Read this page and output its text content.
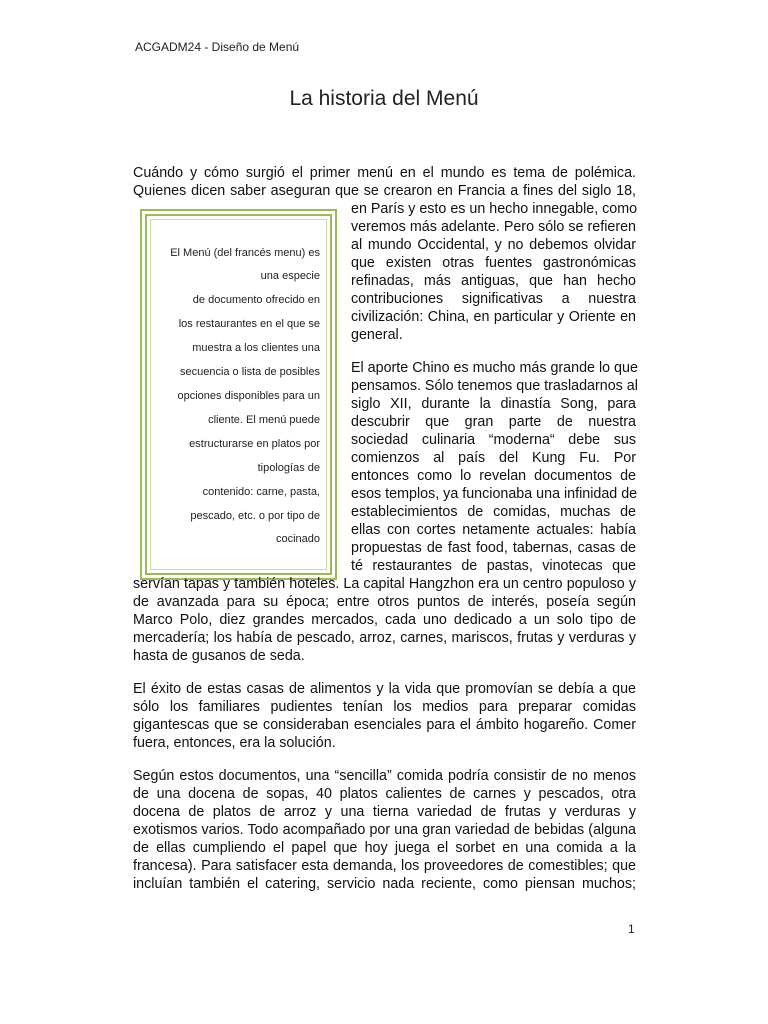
ACGADM24 - Diseño de Menú
La historia del Menú
El Menú (del francés menu) es
una especie
de documento ofrecido en
los restaurantes en el que se
muestra a los clientes una
secuencia o lista de posibles
opciones disponibles para un
cliente. El menú puede
estructurarse en platos por
tipologías de
contenido: carne, pasta,
pescado, etc. o por tipo de
cocinado
Cuándo y cómo surgió el primer menú en el mundo es tema de polémica.
Quienes dicen saber aseguran que se crearon en Francia a fines del siglo 18,
en París y esto es un hecho innegable, como
veremos más adelante. Pero sólo se refieren
al mundo Occidental, y no debemos olvidar
que existen otras fuentes gastronómicas
refinadas, más antiguas, que han hecho
contribuciones significativas a nuestra
civilización: China, en particular y Oriente en
general.
El aporte Chino es mucho más grande lo que
pensamos. Sólo tenemos que trasladarnos al
siglo XII, durante la dinastía Song, para
descubrir que gran parte de nuestra
sociedad culinaria “moderna“ debe sus
comienzos al país del Kung Fu. Por
entonces como lo revelan documentos de
esos templos, ya funcionaba una infinidad de
establecimientos de comidas, muchas de
ellas con cortes netamente actuales: había
propuestas de fast food, tabernas, casas de
té restaurantes de pastas, vinotecas que
servían tapas y también hoteles. La capital Hangzhon era un centro populoso y
de avanzada para su época; entre otros puntos de interés, poseía según
Marco Polo, diez grandes mercados, cada uno dedicado a un solo tipo de
mercadería; los había de pescado, arroz, carnes, mariscos, frutas y verduras y
hasta de gusanos de seda.
El éxito de estas casas de alimentos y la vida que promovían se debía a que
sólo los familiares pudientes tenían los medios para preparar comidas
gigantescas que se consideraban esenciales para el ámbito hogareño. Comer
fuera, entonces, era la solución.
Según estos documentos, una “sencilla” comida podría consistir de no menos
de una docena de sopas, 40 platos calientes de carnes y pescados, otra
docena de platos de arroz y una tierna variedad de frutas y verduras y
exotismos varios. Todo acompañado por una gran variedad de bebidas (alguna
de ellas cumpliendo el papel que hoy juega el sorbet en una comida a la
francesa). Para satisfacer esta demanda, los proveedores de comestibles; que
incluían también el catering, servicio nada reciente, como piensan muchos;
1
